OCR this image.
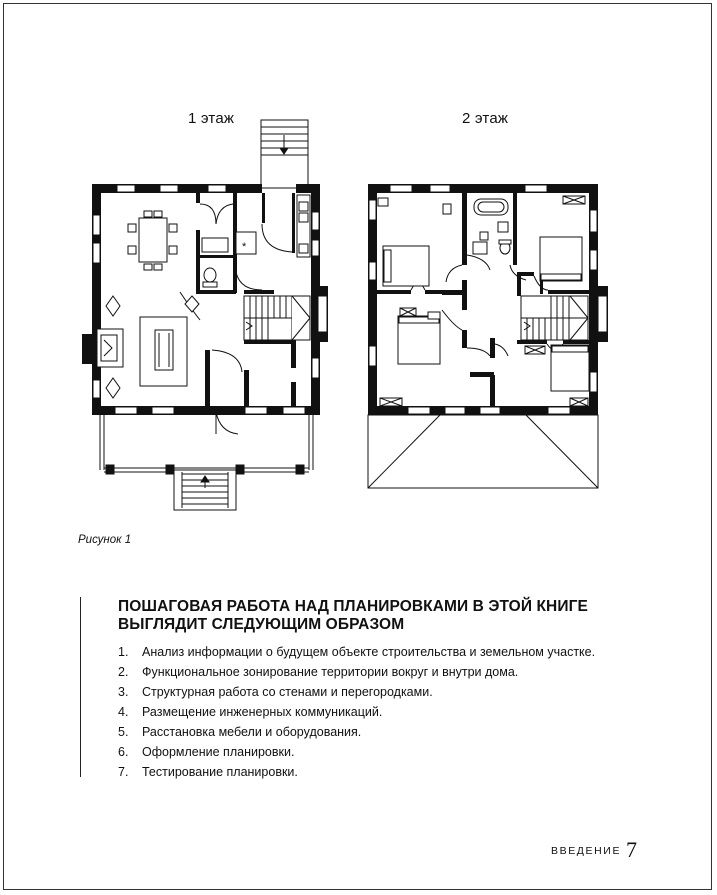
1 этаж	2 этаж
*
Рисунок 1
ПОШАГОВАЯ РАБОТА НАД ПЛАНИРОВКАМИ В ЭТОЙ КНИГЕ
ВЫГЛЯДИТ СЛЕДУЮЩИМ ОБРАЗОМ
1. Анализ информации о будущем объекте строительства и земельном участке.
2. Функциональное зонирование территории вокруг и внутри дома.
3. Структурная работа со стенами и перегородками.
4. Размещение инженерных коммуникаций.
5. Расстановка мебели и оборудования.
6. Оформление планировки.
7. Тестирование планировки.
ВВЕДЕНИЕ 7
